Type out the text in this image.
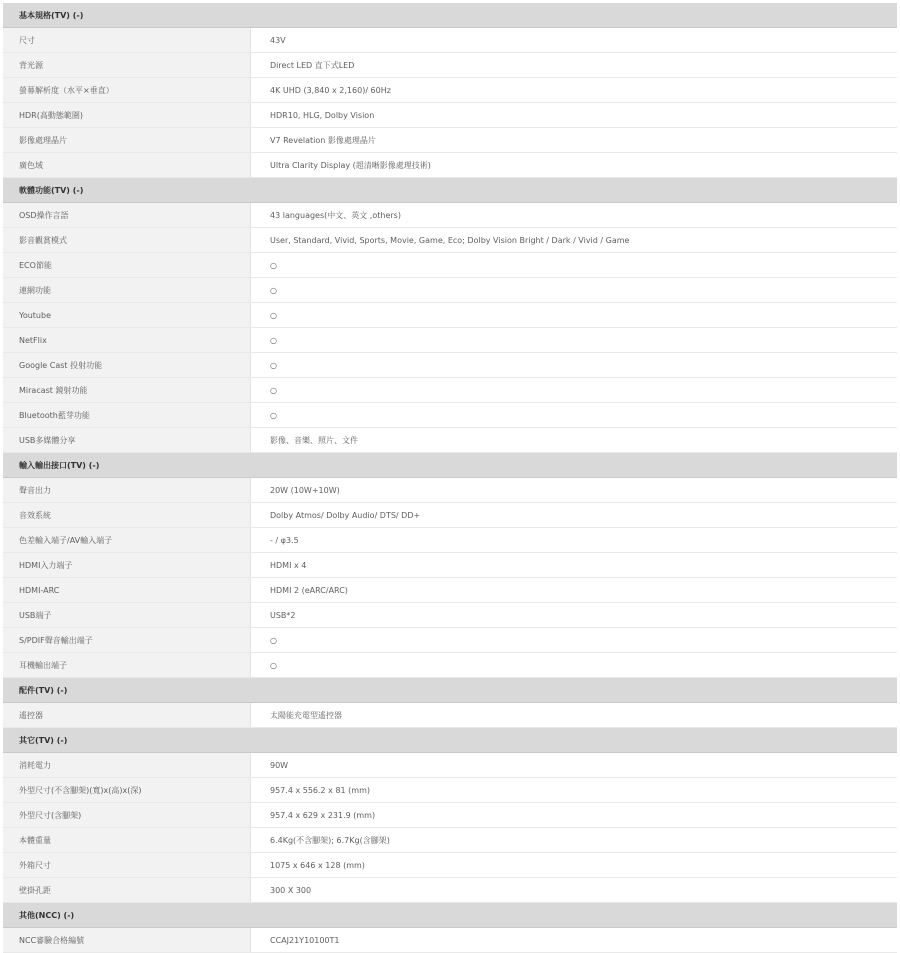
基本規格(TV) (-)
尺寸	43V
背光源	Direct LED 直下式LED
螢幕解析度（水平×垂直）	4K UHD (3,840 x 2,160)/ 60Hz
HDR(高動態範圍)	HDR10, HLG, Dolby Vision
影像處理晶片	V7 Revelation 影像處理晶片
廣色域	Ultra Clarity Display (超清晰影像處理技術)
軟體功能(TV) (-)
OSD操作言語	43 languages(中文、英文 ,others)
影音觀賞模式	User, Standard, Vivid, Sports, Movie, Game, Eco; Dolby Vision Bright / Dark / Vivid / Game
ECO節能	○
連網功能	○
Youtube	○
NetFlix	○
Google Cast 投射功能	○
Miracast 鏡射功能	○
Bluetooth藍芽功能	○
USB多媒體分享	影像、音樂、照片、文件
輸入輸出接口(TV) (-)
聲音出力	20W (10W+10W)
音效系統	Dolby Atmos/ Dolby Audio/ DTS/ DD+
色差輸入端子/AV輸入端子	- / φ3.5
HDMI入力端子	HDMI x 4
HDMI-ARC	HDMI 2 (eARC/ARC)
USB端子	USB*2
S/PDIF聲音輸出端子	○
耳機輸出端子	○
配件(TV) (-)
遙控器	太陽能充電型遙控器
其它(TV) (-)
消耗電力	90W
外型尺寸(不含腳架)(寬)x(高)x(深)	957.4 x 556.2 x 81 (mm)
外型尺寸(含腳架)	957.4 x 629 x 231.9 (mm)
本體重量	6.4Kg(不含腳架); 6.7Kg(含腳架)
外箱尺寸	1075 x 646 x 128 (mm)
壁掛孔距	300 X 300
其他(NCC) (-)
NCC審驗合格編號	CCAJ21Y10100T1
